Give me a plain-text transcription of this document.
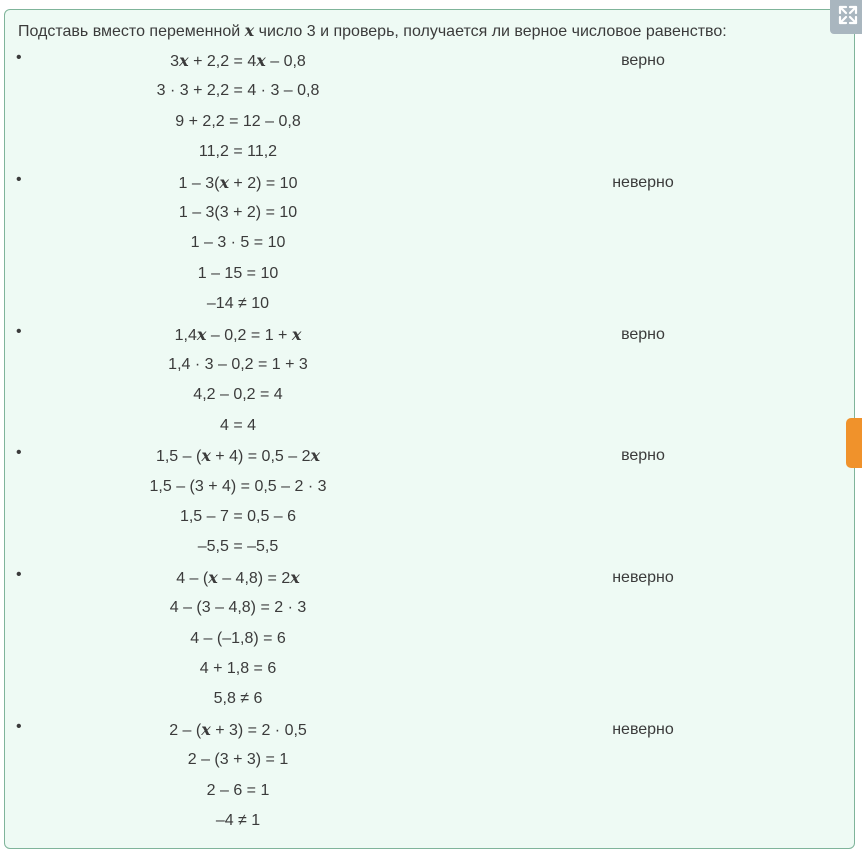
Подставь вместо переменной x число 3 и проверь, получается ли верное числовое равенство:
•	верно
3x + 2,2 = 4x – 0,8
3 · 3 + 2,2 = 4 · 3 – 0,8
9 + 2,2 = 12 – 0,8
11,2 = 11,2
•	неверно
1 – 3(x + 2) = 10
1 – 3(3 + 2) = 10
1 – 3 · 5 = 10
1 – 15 = 10
–14 ≠ 10
•	верно
1,4x – 0,2 = 1 + x
1,4 · 3 – 0,2 = 1 + 3
4,2 – 0,2 = 4
4 = 4
•	верно
1,5 – (x + 4) = 0,5 – 2x
1,5 – (3 + 4) = 0,5 – 2 · 3
1,5 – 7 = 0,5 – 6
–5,5 = –5,5
•	неверно
4 – (x – 4,8) = 2x
4 – (3 – 4,8) = 2 · 3
4 – (–1,8) = 6
4 + 1,8 = 6
5,8 ≠ 6
•	неверно
2 – (x + 3) = 2 · 0,5
2 – (3 + 3) = 1
2 – 6 = 1
–4 ≠ 1
